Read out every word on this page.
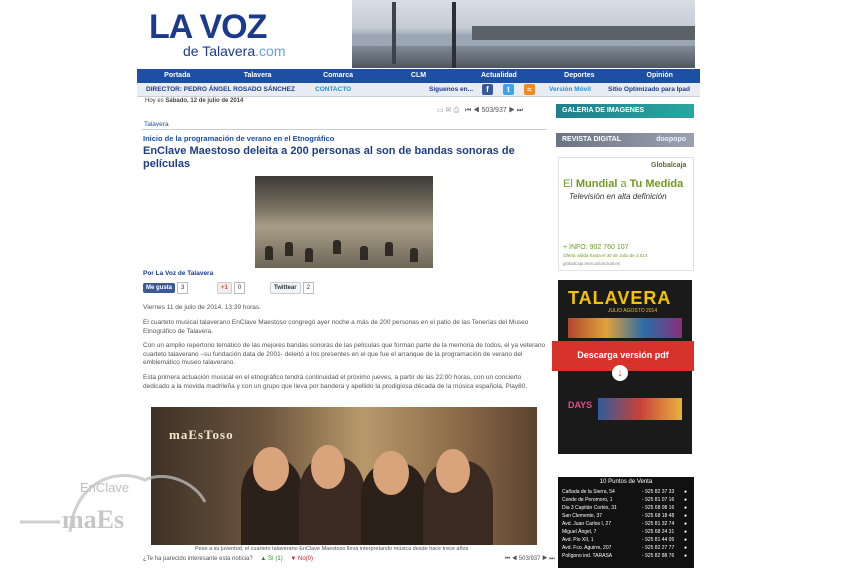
LA VOZ
de Talavera.com
Portada	Talavera	Comarca	CLM	Actualidad	Deportes	Opinión
DIRECTOR: PEDRO ÁNGEL ROSADO SÁNCHEZ	CONTACTO	Síguenos en...	f	t	≈	Versión Móvil	Sitio Optimizado para Ipad
Hoy es Sábado, 12 de julio de 2014
▭ ✉ ⎙ ⏮ ◀ 503/937 ▶ ⏭
Talavera
Inicio de la programación de verano en el Etnográfico
EnClave Maestoso deleita a 200 personas al son de bandas sonoras de películas
Por La Voz de Talavera
Me gusta 3	+1 0	Twittear 2
Viernes 11 de julio de 2014, 13:39 horas.
El cuarteto musical talaverano EnClave Maestoso congregó ayer noche a más de 200 personas en el patio de las Tenerías del Museo Etnográfico de Talavera.
Con un amplio repertorio temático de las mejores bandas sonoras de las películas que forman parte de la memoria de todos, el ya veterano cuarteto talaverano –su fundación data de 2001- deleitó a los presentes en el que fue el arranque de la programación de verano del emblemático museo talaverano.
Esta primera actuación musical en el etnográfico tendrá continuidad el próximo jueves, a partir de las 22:00 horas, con un concierto dedicado a la movida madrileña y con un grupo que lleva por bandera y apellido la prodigiosa década de la música española, Play80.
maEsToso
Pese a su juventud, el cuarteto talaverano EnClave Maestoso lleva interpretando música desde hace trece años
¿Te ha parecido interesante esta noticia? ▲ Sí (1) ▼ No(0)	⏮ ◀ 503/937 ▶ ⏭
GALERIA DE IMAGENES
REVISTA DIGITAL	doopopo
Globalcaja
El Mundial a Tu Medida
Televisión en alta definición
+ INFO: 902 760 107
Oferta válida hasta el 30 de Julio de 2.014
globalcaja.mercadoactual.es
TALAVERA
JULIO AGOSTO 2014
DAYS
Descarga versión pdf
↓
10 Puntos de Venta
Cañada de la Sierra, 54	- 925 82 37 33 ●
Conde de Peromoro, 1	- 925 81 07 16 ●
Dia 3 Capitán Cortés, 31	- 925 68 08 16 ●
San Clemente, 37	- 925 68 18 48 ●
Avd. Juan Carlos I, 27	- 925 81 32 74 ●
Miguel Ángel, 7	- 925 68 24 31 ●
Avd. Pio XII, 1	- 925 81 44 05 ●
Avd. Fco. Aguirre, 207	- 925 82 27 77 ●
Polígono ind. TARASA	- 925 82 88 76 ●
EnClave
maEs
